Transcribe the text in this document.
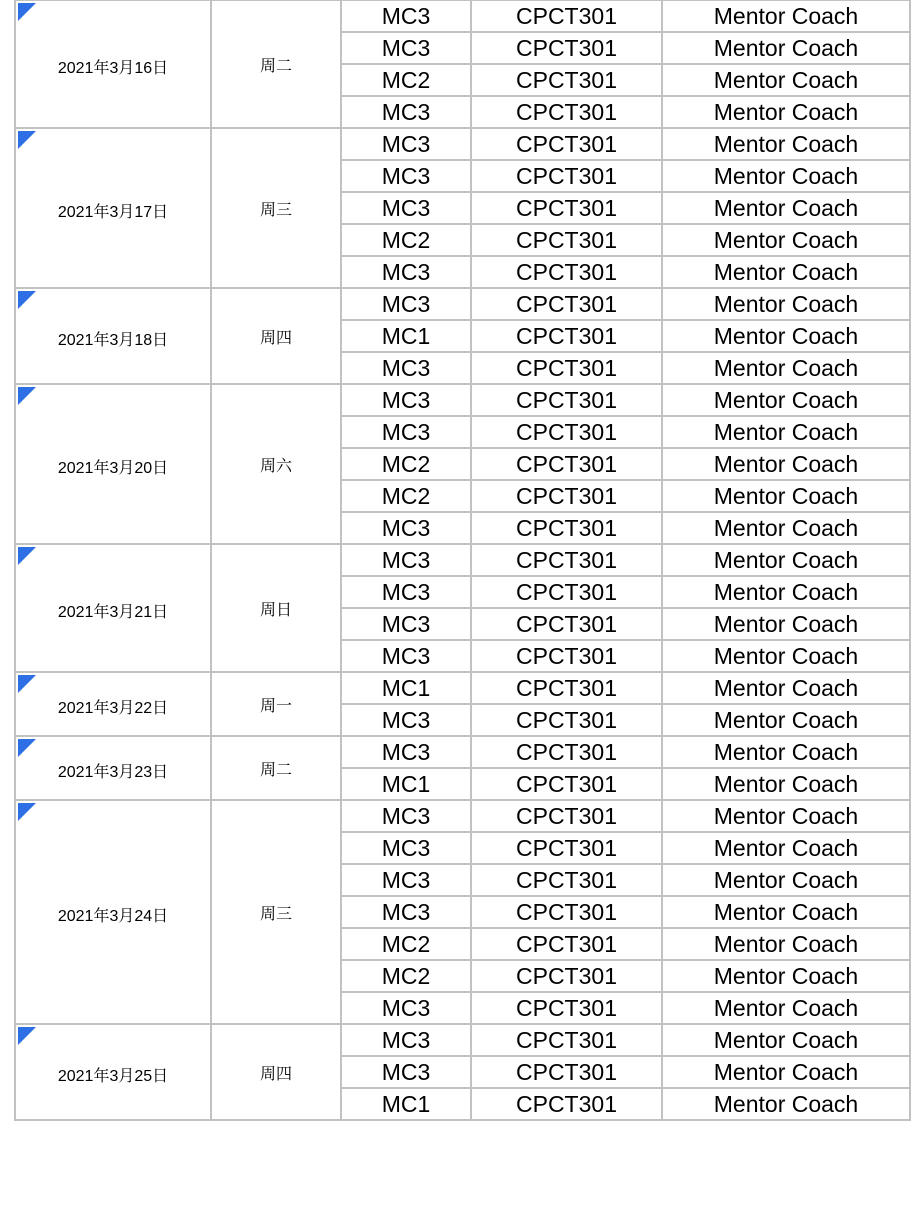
2021年3月16日	周二	MC3	CPCT301	Mentor Coach
		MC3	CPCT301	Mentor Coach
		MC2	CPCT301	Mentor Coach
		MC3	CPCT301	Mentor Coach

2021年3月17日	周三	MC3	CPCT301	Mentor Coach
		MC3	CPCT301	Mentor Coach
		MC3	CPCT301	Mentor Coach
		MC2	CPCT301	Mentor Coach
		MC3	CPCT301	Mentor Coach

2021年3月18日	周四	MC3	CPCT301	Mentor Coach
		MC1	CPCT301	Mentor Coach
		MC3	CPCT301	Mentor Coach

2021年3月20日	周六	MC3	CPCT301	Mentor Coach
		MC3	CPCT301	Mentor Coach
		MC2	CPCT301	Mentor Coach
		MC2	CPCT301	Mentor Coach
		MC3	CPCT301	Mentor Coach

2021年3月21日	周日	MC3	CPCT301	Mentor Coach
		MC3	CPCT301	Mentor Coach
		MC3	CPCT301	Mentor Coach
		MC3	CPCT301	Mentor Coach

2021年3月22日	周一	MC1	CPCT301	Mentor Coach
		MC3	CPCT301	Mentor Coach

2021年3月23日	周二	MC3	CPCT301	Mentor Coach
		MC1	CPCT301	Mentor Coach

2021年3月24日	周三	MC3	CPCT301	Mentor Coach
		MC3	CPCT301	Mentor Coach
		MC3	CPCT301	Mentor Coach
		MC3	CPCT301	Mentor Coach
		MC2	CPCT301	Mentor Coach
		MC2	CPCT301	Mentor Coach
		MC3	CPCT301	Mentor Coach

2021年3月25日	周四	MC3	CPCT301	Mentor Coach
		MC3	CPCT301	Mentor Coach
		MC1	CPCT301	Mentor Coach
